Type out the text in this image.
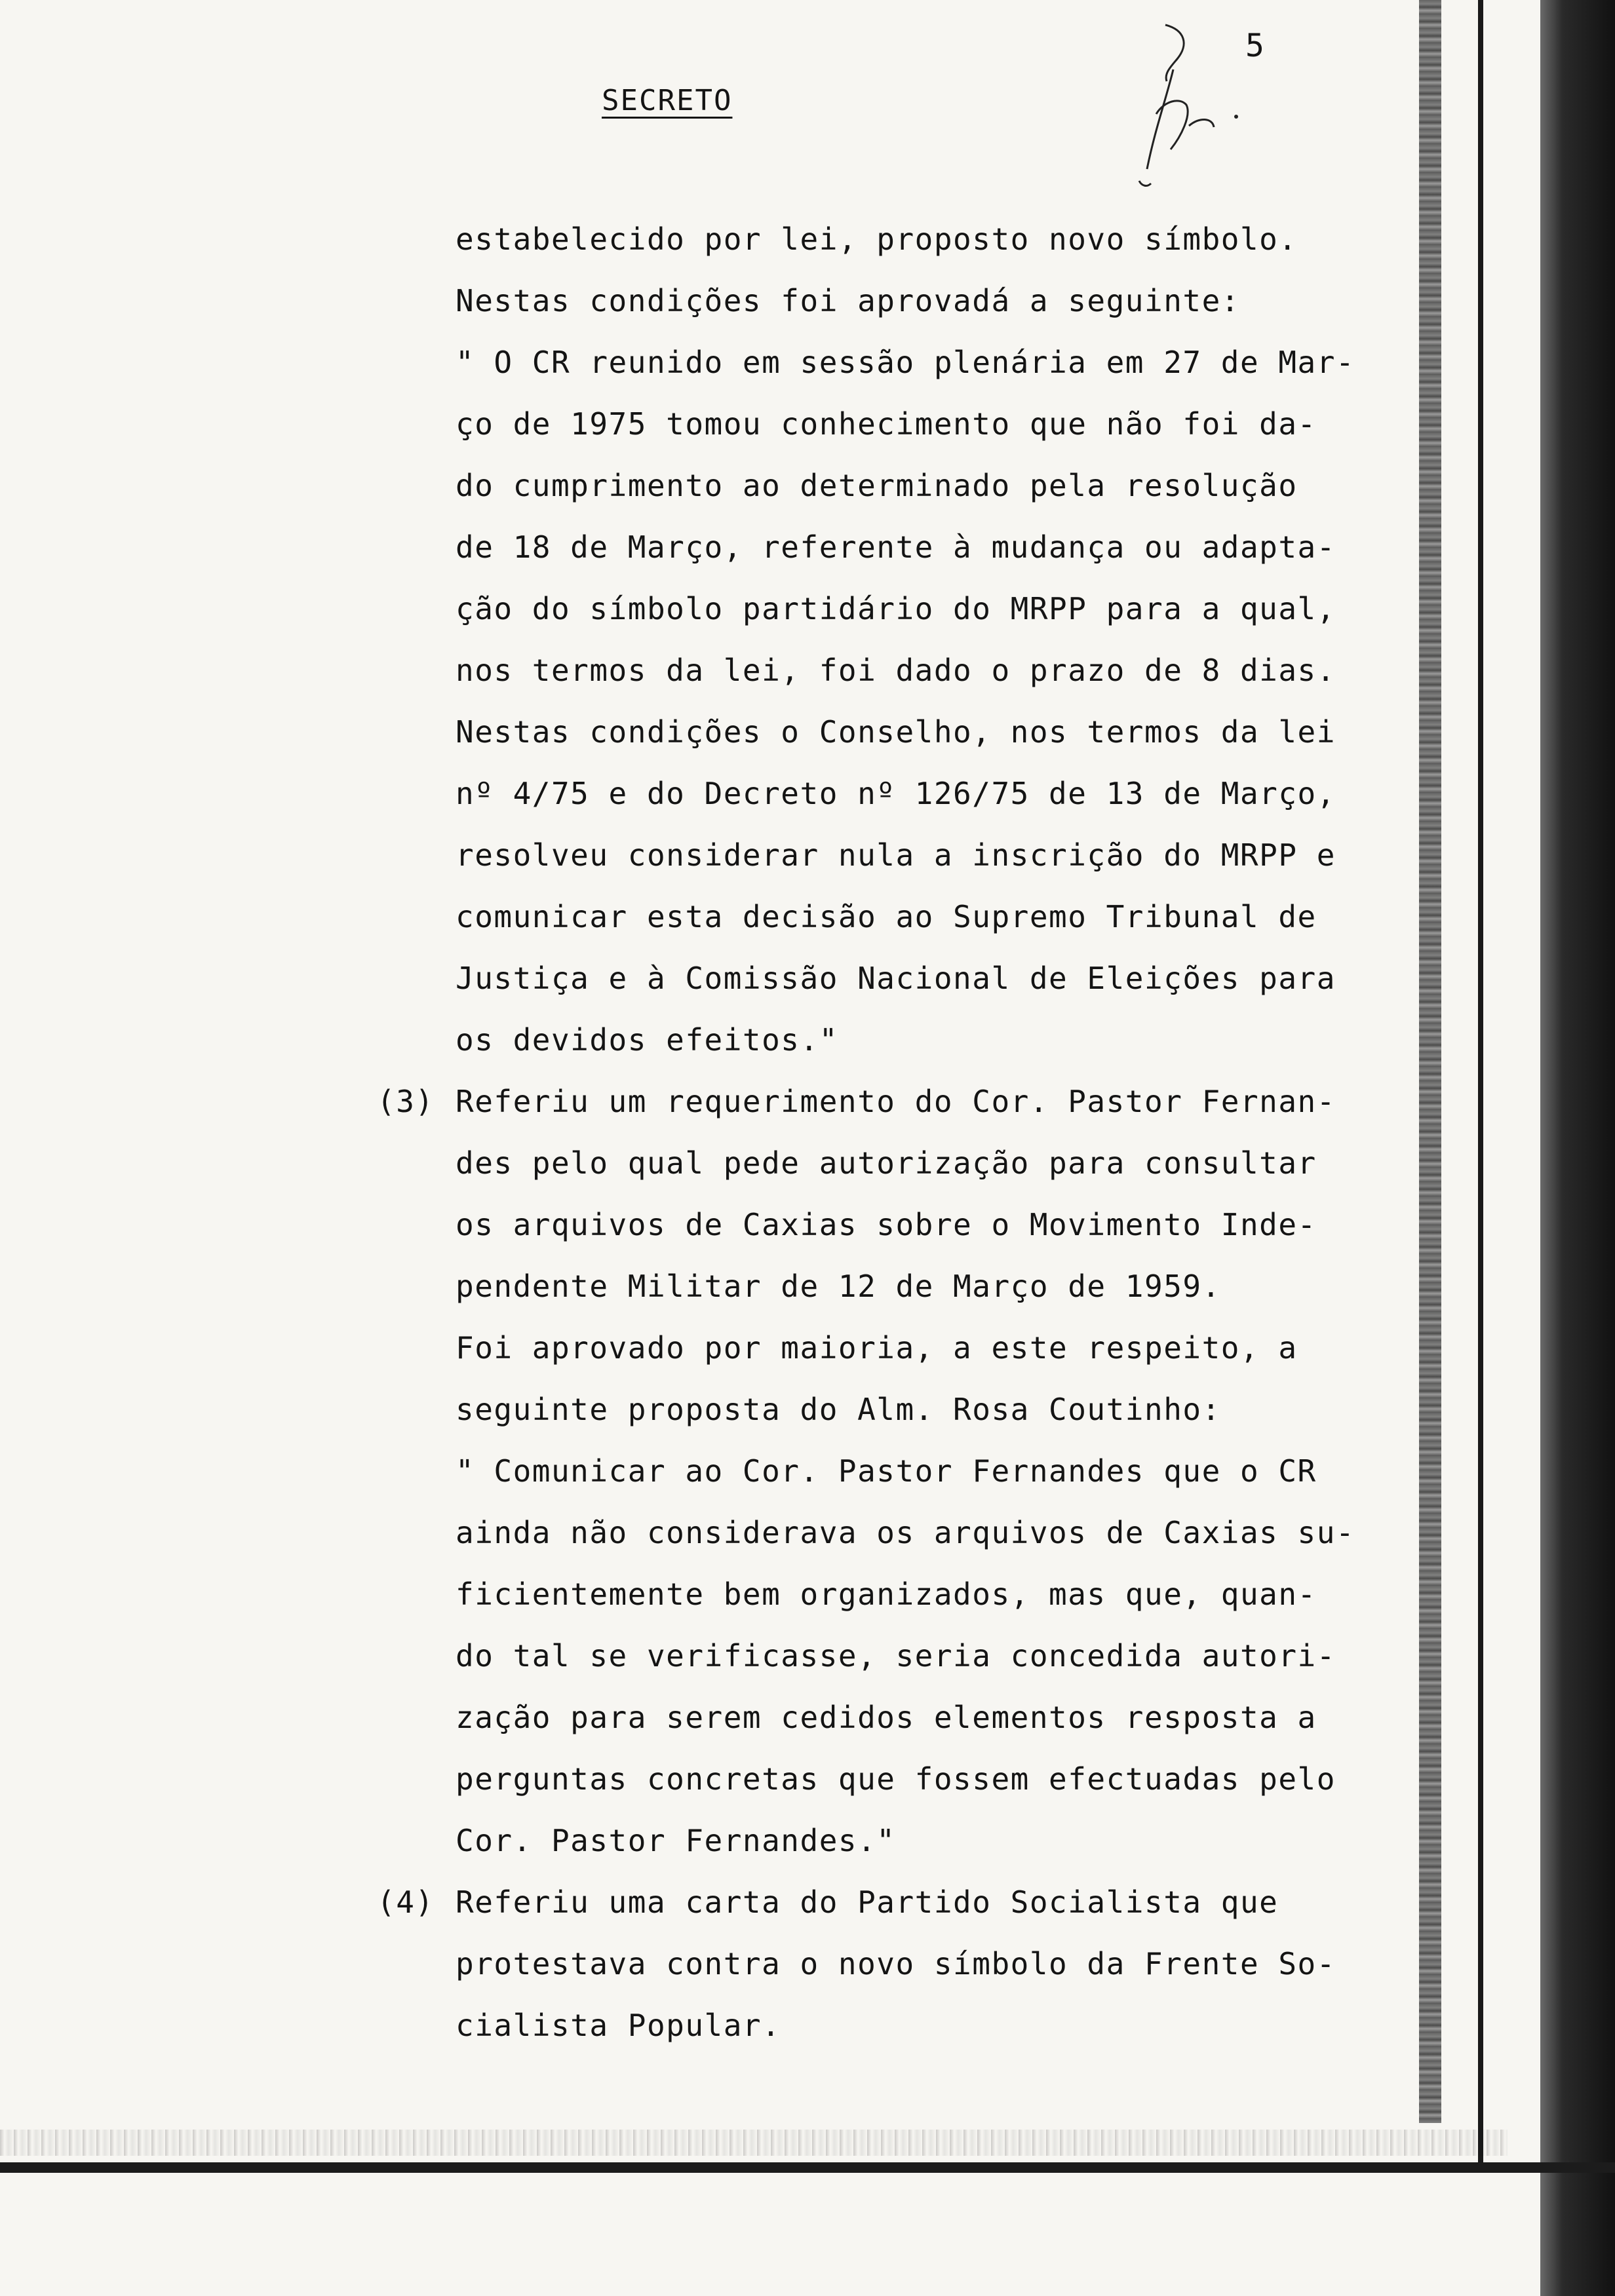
SECRETO
5
estabelecido por lei, proposto novo símbolo.
Nestas condições foi aprovadá a seguinte:
" O CR reunido em sessão plenária em 27 de Mar-
ço de 1975 tomou conhecimento que não foi da-
do cumprimento ao determinado pela resolução
de 18 de Março, referente à mudança ou adapta-
ção do símbolo partidário do MRPP para a qual,
nos termos da lei, foi dado o prazo de 8 dias.
Nestas condições o Conselho, nos termos da lei
nº 4/75 e do Decreto nº 126/75 de 13 de Março,
resolveu considerar nula a inscrição do MRPP e
comunicar esta decisão ao Supremo Tribunal de
Justiça e à Comissão Nacional de Eleições para
os devidos efeitos."
(3) Referiu um requerimento do Cor. Pastor Fernan-
des pelo qual pede autorização para consultar
os arquivos de Caxias sobre o Movimento Inde-
pendente Militar de 12 de Março de 1959.
Foi aprovado por maioria, a este respeito, a
seguinte proposta do Alm. Rosa Coutinho:
" Comunicar ao Cor. Pastor Fernandes que o CR
ainda não considerava os arquivos de Caxias su-
ficientemente bem organizados, mas que, quan-
do tal se verificasse, seria concedida autori-
zação para serem cedidos elementos resposta a
perguntas concretas que fossem efectuadas pelo
Cor. Pastor Fernandes."
(4) Referiu uma carta do Partido Socialista que
protestava contra o novo símbolo da Frente So-
cialista Popular.
